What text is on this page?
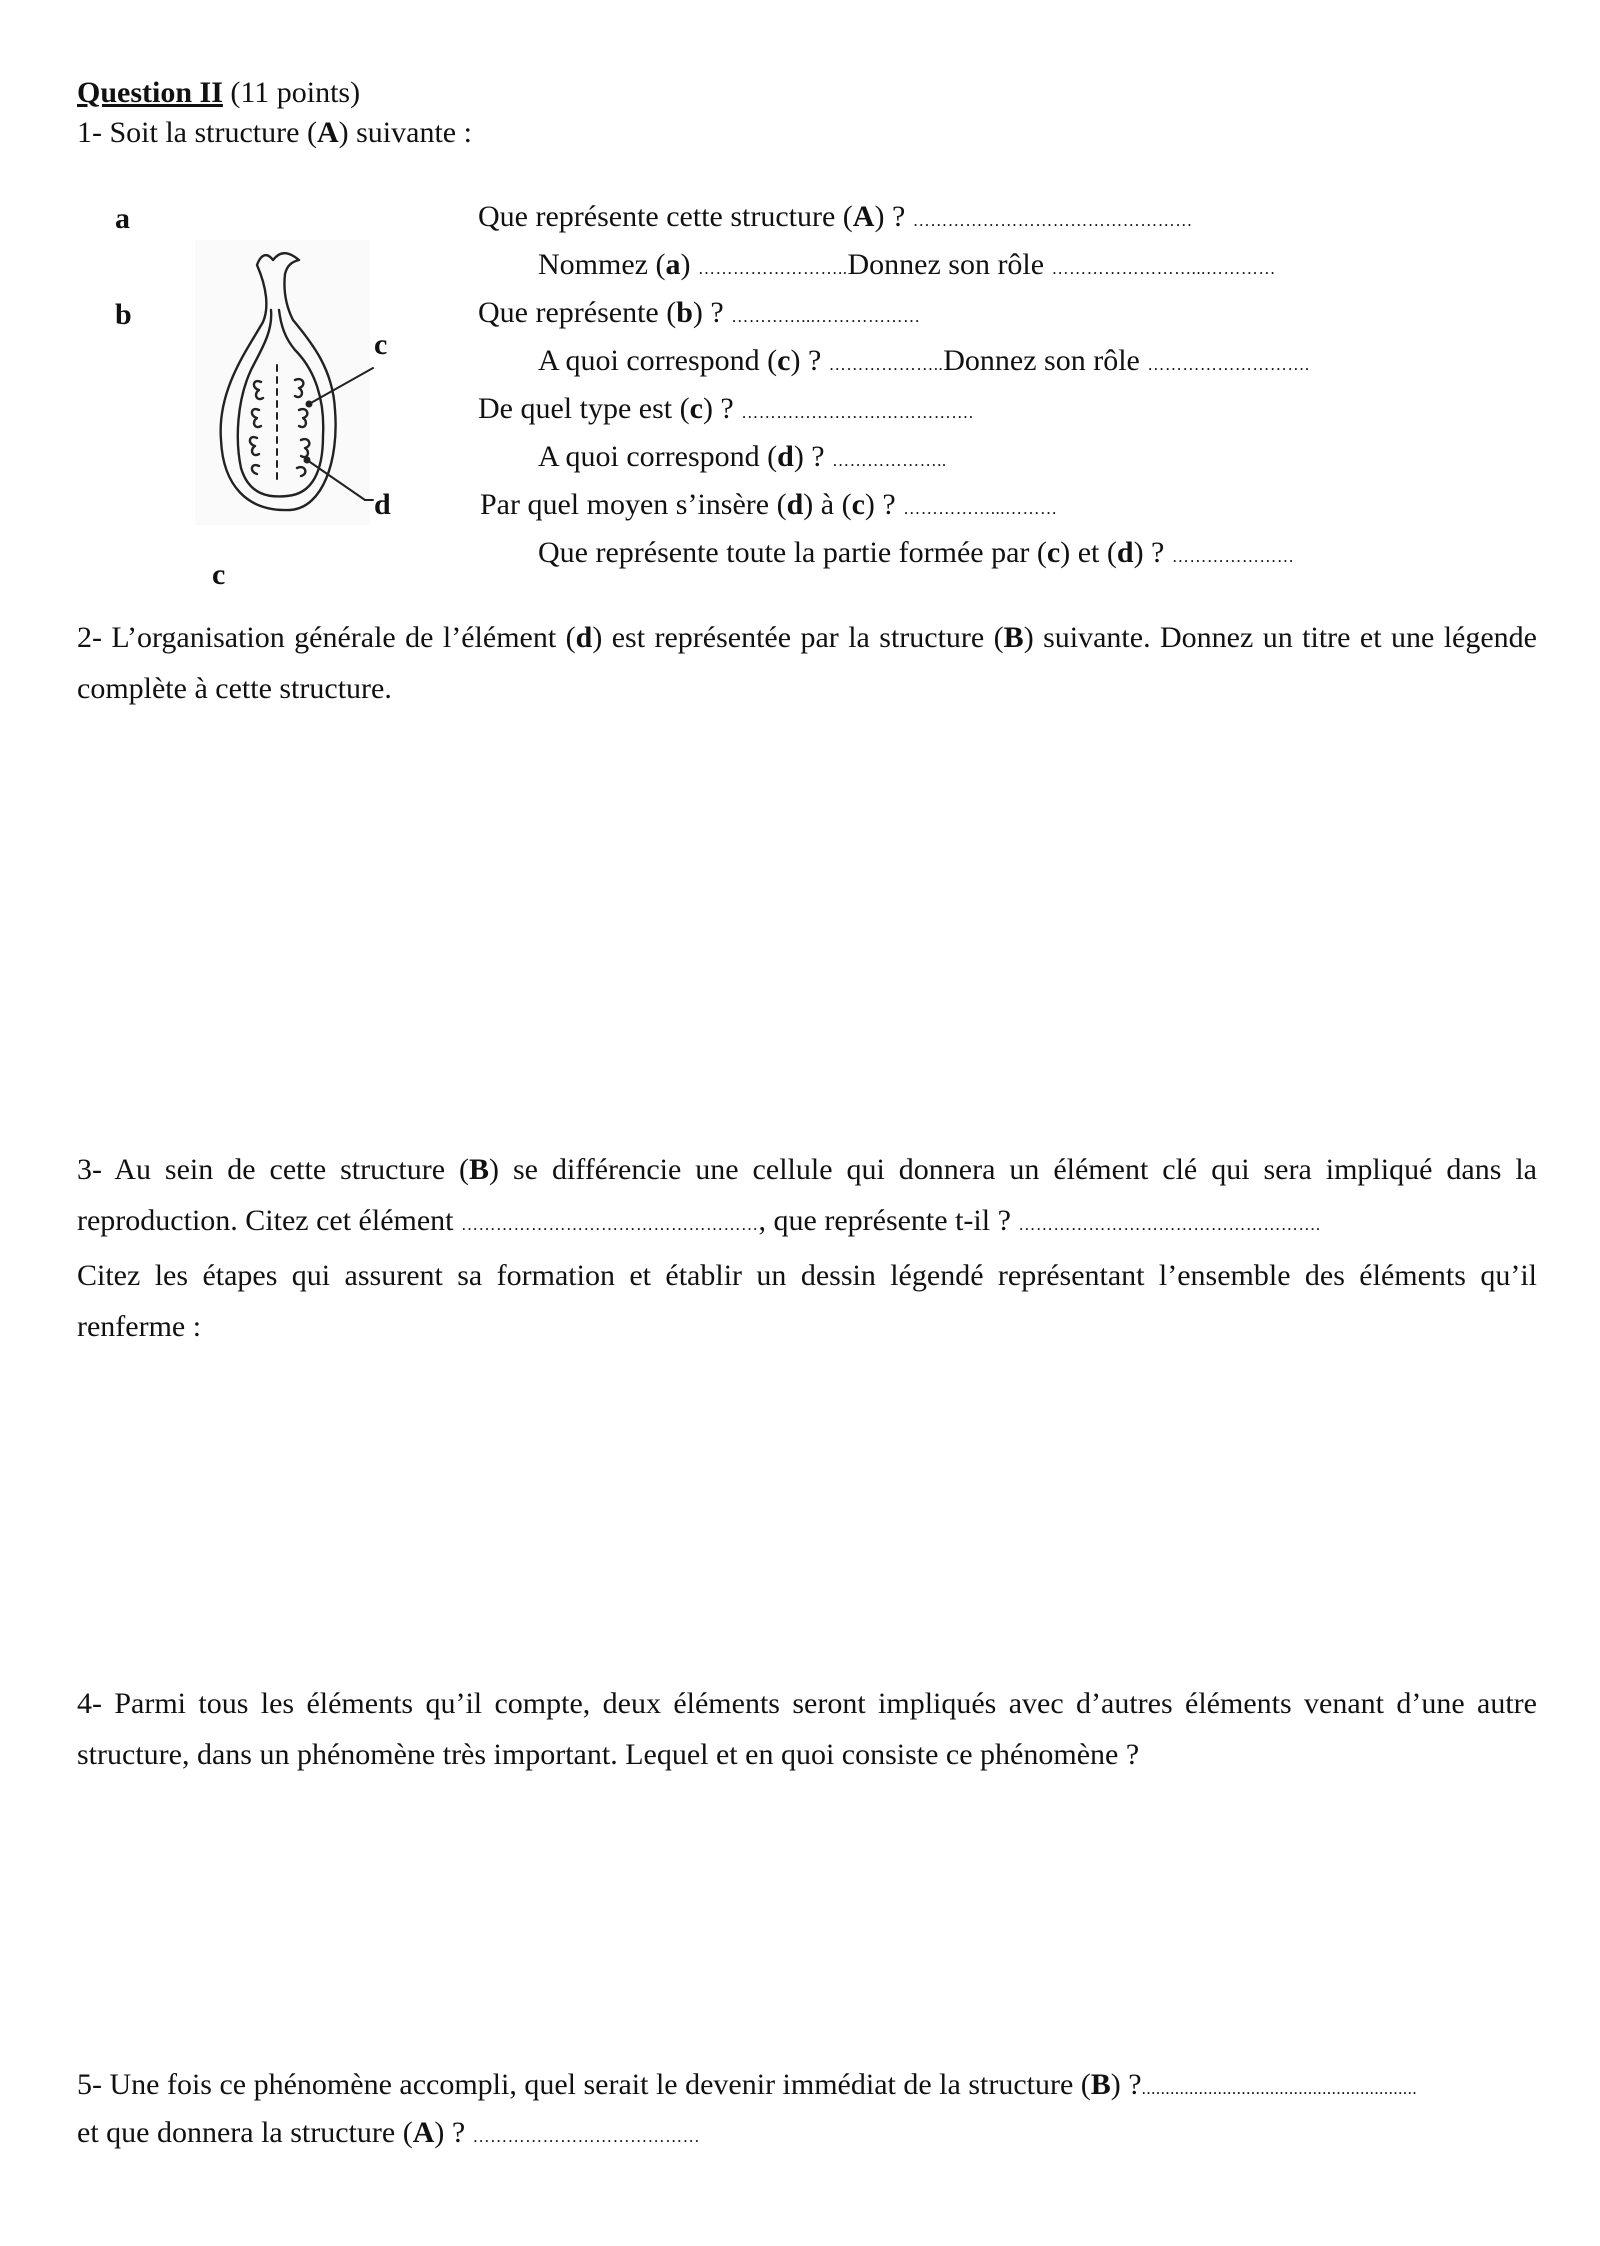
Question II (11 points)
1- Soit la structure (A) suivante :
a
b
c
d
c
Que représente cette structure (A) ? …………………………………………
Nommez (a) ……………………..Donnez son rôle ……………………...…………
Que représente (b) ? …………...………………
A quoi correspond (c) ? ………………..Donnez son rôle ……………………….
De quel type est (c) ? ………………………………….
A quoi correspond (d) ? ………………..
Par quel moyen s’insère (d) à (c) ? ……………...………
Que représente toute la partie formée par (c) et (d) ? …………………
2- L’organisation générale de l’élément (d) est représentée par la structure (B) suivante. Donnez un titre et une légende complète à cette structure.
3- Au sein de cette structure (B) se différencie une cellule qui donnera un élément clé qui sera impliqué dans la reproduction. Citez cet élément ……………………………………………, que représente t-il ? …………………………………………….
Citez les étapes qui assurent sa formation et établir un dessin légendé représentant l’ensemble des éléments qu’il renferme :
4- Parmi tous les éléments qu’il compte, deux éléments seront impliqués avec d’autres éléments venant d’une autre structure, dans un phénomène très important. Lequel et en quoi consiste ce phénomène ?
5- Une fois ce phénomène accompli, quel serait le devenir immédiat de la structure (B) ?..........................................................
et que donnera la structure (A) ? …………………………………
